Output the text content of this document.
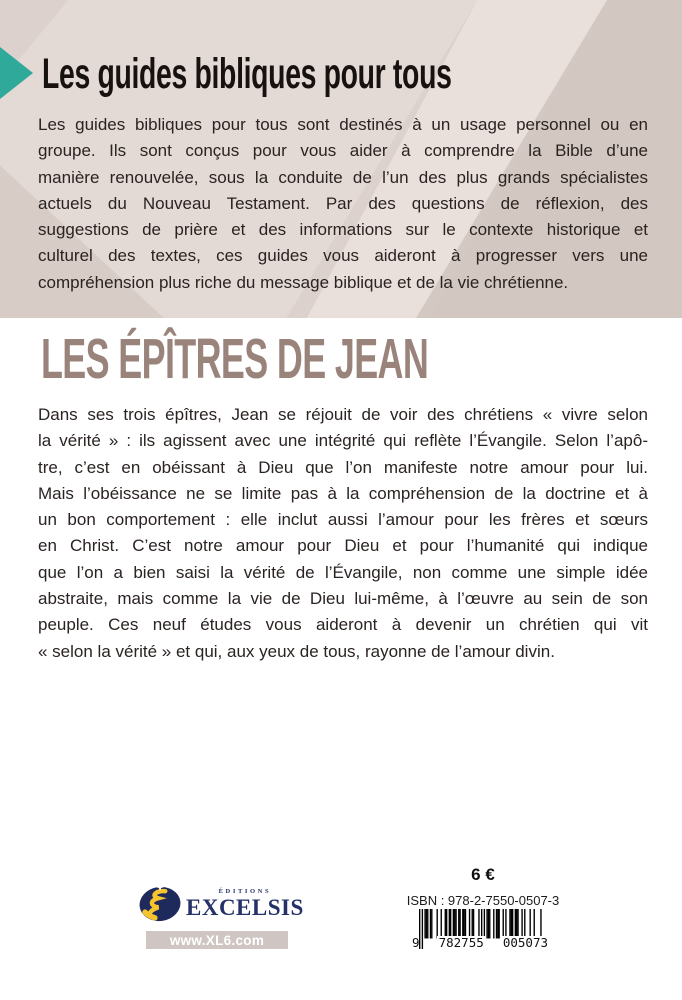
Les guides bibliques pour tous
Les guides bibliques pour tous sont destinés à un usage personnel ou en
groupe. Ils sont conçus pour vous aider à comprendre la Bible d’une
manière renouvelée, sous la conduite de l’un des plus grands spécialistes
actuels du Nouveau Testament. Par des questions de réflexion, des
suggestions de prière et des informations sur le contexte historique et
culturel des textes, ces guides vous aideront à progresser vers une
compréhension plus riche du message biblique et de la vie chrétienne.
LES ÉPÎTRES DE JEAN
Dans ses trois épîtres, Jean se réjouit de voir des chrétiens « vivre selon
la vérité » : ils agissent avec une intégrité qui reflète l’Évangile. Selon l’apô-
tre, c’est en obéissant à Dieu que l’on manifeste notre amour pour lui.
Mais l’obéissance ne se limite pas à la compréhension de la doctrine et à
un bon comportement : elle inclut aussi l’amour pour les frères et sœurs
en Christ. C’est notre amour pour Dieu et pour l’humanité qui indique
que l’on a bien saisi la vérité de l’Évangile, non comme une simple idée
abstraite, mais comme la vie de Dieu lui-même, à l’œuvre au sein de son
peuple. Ces neuf études vous aideront à devenir un chrétien qui vit
« selon la vérité » et qui, aux yeux de tous, rayonne de l’amour divin.
ÉDITIONS
EXCELSIS
www.XL6.com
6 €
ISBN : 978-2-7550-0507-3
9 782755 005073
